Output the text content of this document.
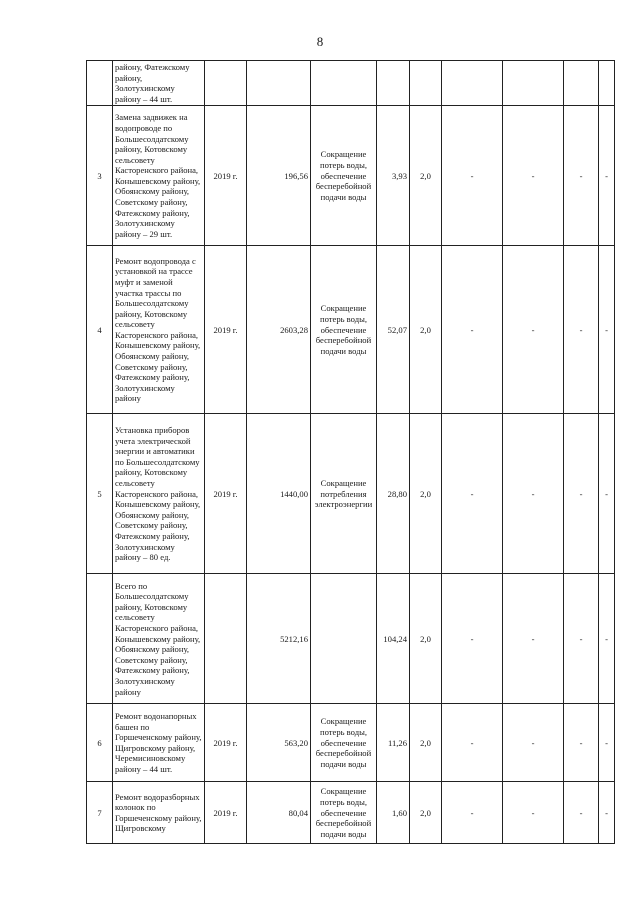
8
	району, Фатежскому району, Золотухинскому району – 44 шт.									
3	Замена задвижек на водопроводе по Большесолдатскому району, Котовскому сельсовету Касторенского района, Конышевскому району, Обоянскому району, Советскому району, Фатежскому району, Золотухинскому району – 29 шт.	2019 г.	196,56	Сокращение потерь воды, обеспечение бесперебойной подачи воды	3,93	2,0	-	-	-	-
4	Ремонт водопровода с установкой на трассе муфт и заменой участка трассы по Большесолдатскому району, Котовскому сельсовету Касторенского района, Конышевскому району, Обоянскому району, Советскому району, Фатежскому району, Золотухинскому району	2019 г.	2603,28	Сокращение потерь воды, обеспечение бесперебойной подачи воды	52,07	2,0	-	-	-	-
5	Установка приборов учета электрической энергии и автоматики по Большесолдатскому району, Котовскому сельсовету Касторенского района, Конышевскому району, Обоянскому району, Советскому району, Фатежскому району, Золотухинскому району – 80 ед.	2019 г.	1440,00	Сокращение потребления электроэнергии	28,80	2,0	-	-	-	-
	Всего по Большесолдатскому району, Котовскому сельсовету Касторенского района, Конышевскому району, Обоянскому району, Советскому району, Фатежскому району, Золотухинскому району		5212,16		104,24	2,0	-	-	-	-
6	Ремонт водонапорных башен по Горшеченскому району, Щигровскому району, Черемисиновскому району – 44 шт.	2019 г.	563,20	Сокращение потерь воды, обеспечение бесперебойной подачи воды	11,26	2,0	-	-	-	-
7	Ремонт водоразборных колонок по Горшеченскому району, Щигровскому	2019 г.	80,04	Сокращение потерь воды, обеспечение бесперебойной подачи воды	1,60	2,0	-	-	-	-
